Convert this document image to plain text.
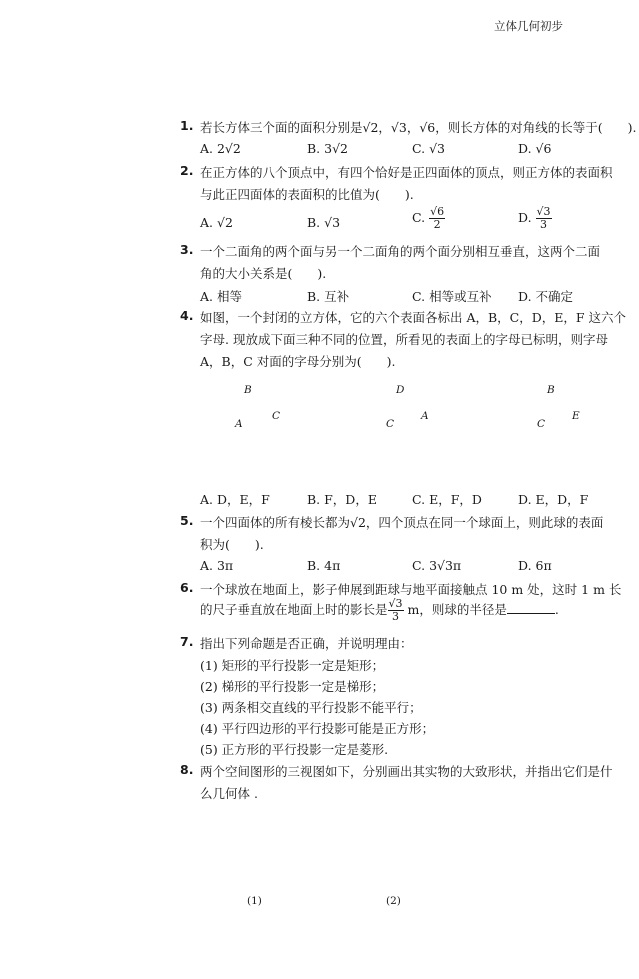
立体几何初步
1. 若长方体三个面的面积分别是√2，√3，√6，则长方体的对角线的长等于(　　).
A. 2√2	B. 3√2	C. √3	D. √6
2. 在正方体的八个顶点中，有四个恰好是正四面体的顶点，则正方体的表面积
与此正四面体的表面积的比值为(　　).
A. √2	B. √3	C. $\frac{√6}{2}$	D. $\frac{√3}{3}$
3. 一个二面角的两个面与另一个二面角的两个面分别相互垂直，这两个二面
角的大小关系是(　　).
A. 相等	B. 互补	C. 相等或互补 D. 不确定
4. 如图，一个封闭的立方体，它的六个表面各标出 A，B，C，D，E，F 这六个
字母. 现放成下面三种不同的位置，所看见的表面上的字母已标明，则字母
A，B，C 对面的字母分别为(　　).
B
A
C
D
C
A
B
C
E
A. D，E，F	B. F，D，E	C. E，F，D	D. E，D，F
5. 一个四面体的所有棱长都为√2，四个顶点在同一个球面上，则此球的表面
积为(　　).
A. 3π	B. 4π	C. 3√3π	D. 6π
6. 一个球放在地面上，影子伸展到距球与地平面接触点 10 m 处，这时 1 m 长
的尺子垂直放在地面上时的影长是 $\frac{√3}{3}$ m，则球的半径是	.
7. 指出下列命题是否正确，并说明理由：
(1) 矩形的平行投影一定是矩形；
(2) 梯形的平行投影一定是梯形；
(3) 两条相交直线的平行投影不能平行；
(4) 平行四边形的平行投影可能是正方形；
(5) 正方形的平行投影一定是菱形.
8. 两个空间图形的三视图如下，分别画出其实物的大致形状，并指出它们是什
么几何体 .
(1)	(2)
